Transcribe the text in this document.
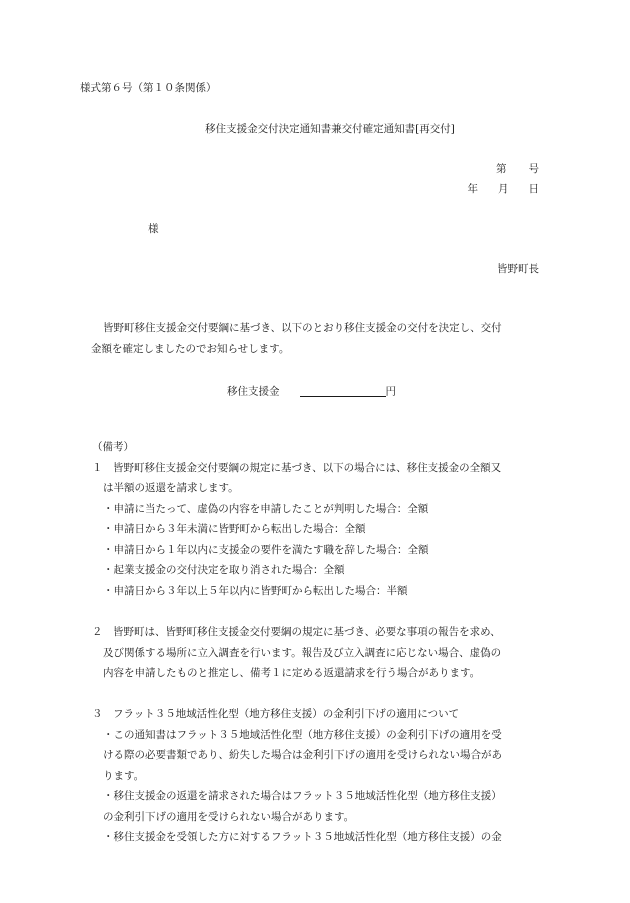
様式第６号（第１０条関係）
移住支援金交付決定通知書兼交付確定通知書[再交付]
第 号
年 月 日
様
皆野町長
皆野町移住支援金交付要綱に基づき、以下のとおり移住支援金の交付を決定し、交付
金額を確定しましたのでお知らせします。
移住支援金	円
（備考）
１　皆野町移住支援金交付要綱の規定に基づき、以下の場合には、移住支援金の全額又
は半額の返還を請求します。
・申請に当たって、虚偽の内容を申請したことが判明した場合：全額
・申請日から３年未満に皆野町から転出した場合：全額
・申請日から１年以内に支援金の要件を満たす職を辞した場合：全額
・起業支援金の交付決定を取り消された場合：全額
・申請日から３年以上５年以内に皆野町から転出した場合：半額
２　皆野町は、皆野町移住支援金交付要綱の規定に基づき、必要な事項の報告を求め、
及び関係する場所に立入調査を行います。報告及び立入調査に応じない場合、虚偽の
内容を申請したものと推定し、備考１に定める返還請求を行う場合があります。
３　フラット３５地域活性化型（地方移住支援）の金利引下げの適用について
・この通知書はフラット３５地域活性化型（地方移住支援）の金利引下げの適用を受
ける際の必要書類であり、紛失した場合は金利引下げの適用を受けられない場合があ
ります。
・移住支援金の返還を請求された場合はフラット３５地域活性化型（地方移住支援）
の金利引下げの適用を受けられない場合があります。
・移住支援金を受領した方に対するフラット３５地域活性化型（地方移住支援）の金
